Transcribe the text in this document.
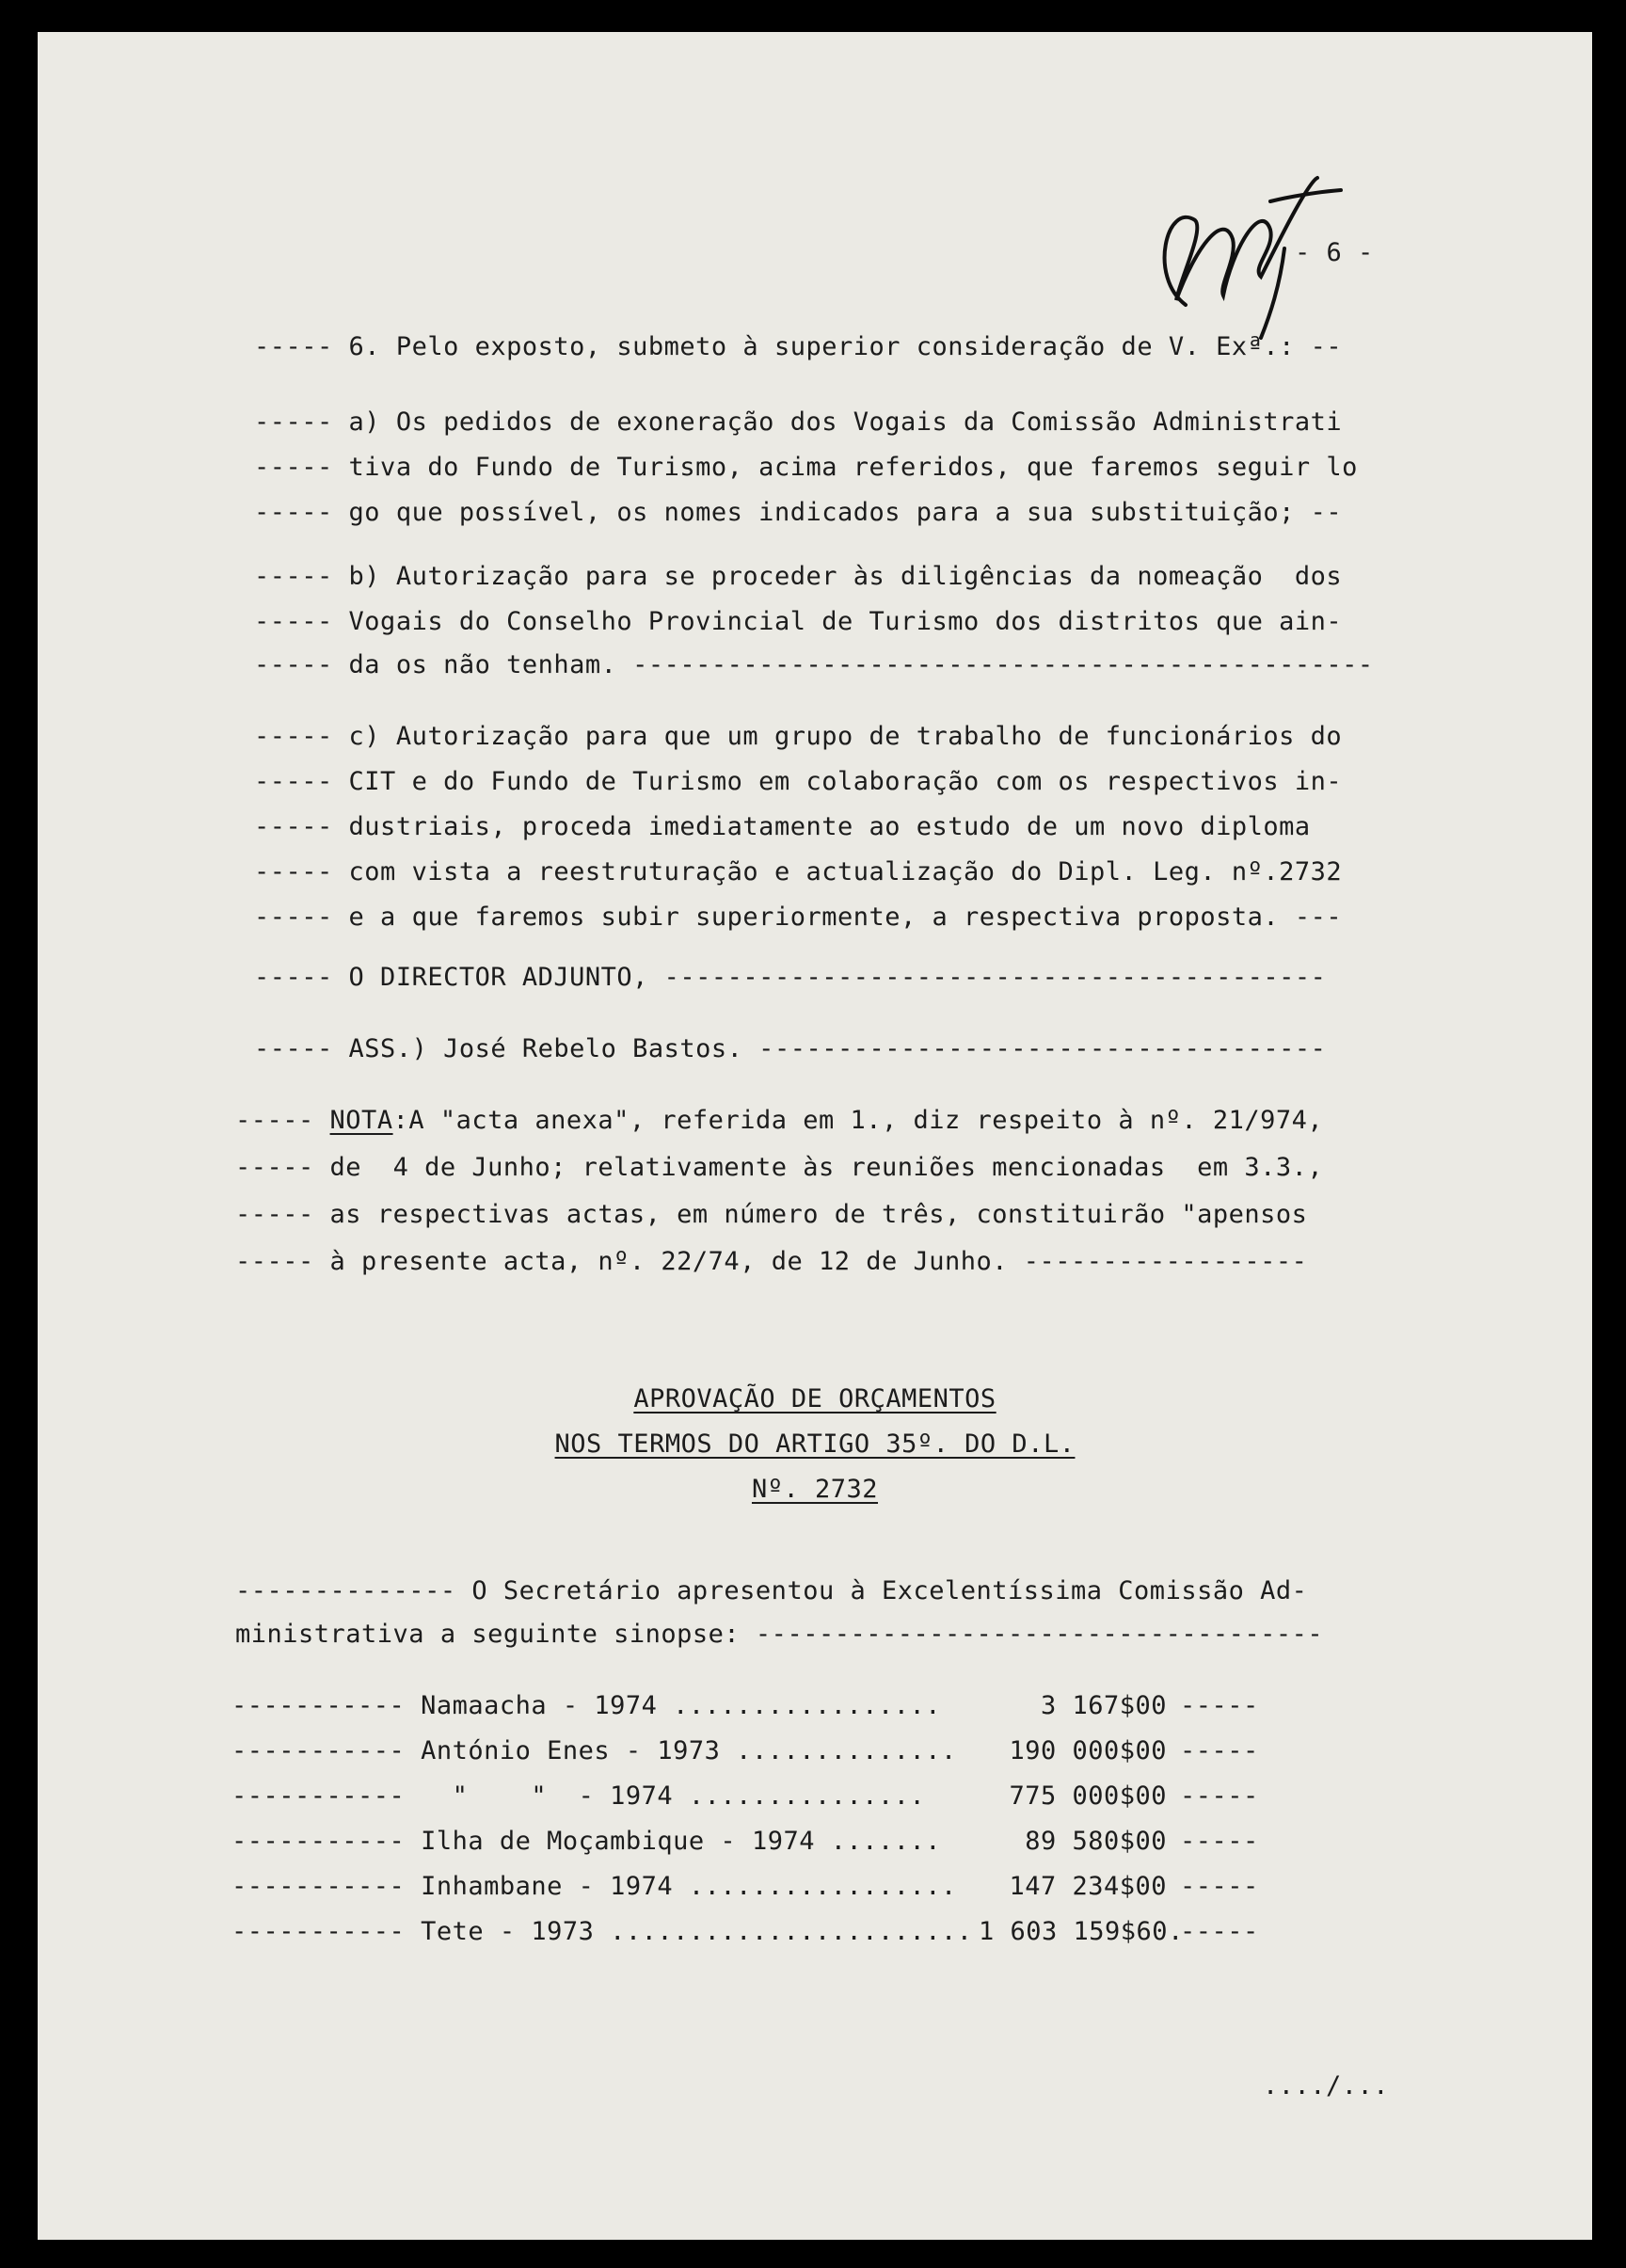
- 6 -
----- 6. Pelo exposto, submeto à superior consideração de V. Exª.: --
----- a) Os pedidos de exoneração dos Vogais da Comissão Administrati
----- tiva do Fundo de Turismo, acima referidos, que faremos seguir lo
----- go que possível, os nomes indicados para a sua substituição; --
----- b) Autorização para se proceder às diligências da nomeação  dos
----- Vogais do Conselho Provincial de Turismo dos distritos que ain-
----- da os não tenham. -----------------------------------------------
----- c) Autorização para que um grupo de trabalho de funcionários do
----- CIT e do Fundo de Turismo em colaboração com os respectivos in-
----- dustriais, proceda imediatamente ao estudo de um novo diploma
----- com vista a reestruturação e actualização do Dipl. Leg. nº.2732
----- e a que faremos subir superiormente, a respectiva proposta. ---
----- O DIRECTOR ADJUNTO, ------------------------------------------
----- ASS.) José Rebelo Bastos. ------------------------------------
----- NOTA:A "acta anexa", referida em 1., diz respeito à nº. 21/974,
----- de  4 de Junho; relativamente às reuniões mencionadas  em 3.3.,
----- as respectivas actas, em número de três, constituirão "apensos
----- à presente acta, nº. 22/74, de 12 de Junho. ------------------
APROVAÇÃO DE ORÇAMENTOS
NOS TERMOS DO ARTIGO 35º. DO D.L.
Nº. 2732
-------------- O Secretário apresentou à Excelentíssima Comissão Ad-
ministrativa a seguinte sinopse: ------------------------------------
----------- Namaacha - 1974 .................	3 167$00 -----
----------- António Enes - 1973 ..............	190 000$00 -----
-----------   "    "  - 1974 ...............	775 000$00 -----
----------- Ilha de Moçambique - 1974 .......	89 580$00 -----
----------- Inhambane - 1974 .................	147 234$00 -----
----------- Tete - 1973 ....................... 1 603 159$60.
-----
..../...
